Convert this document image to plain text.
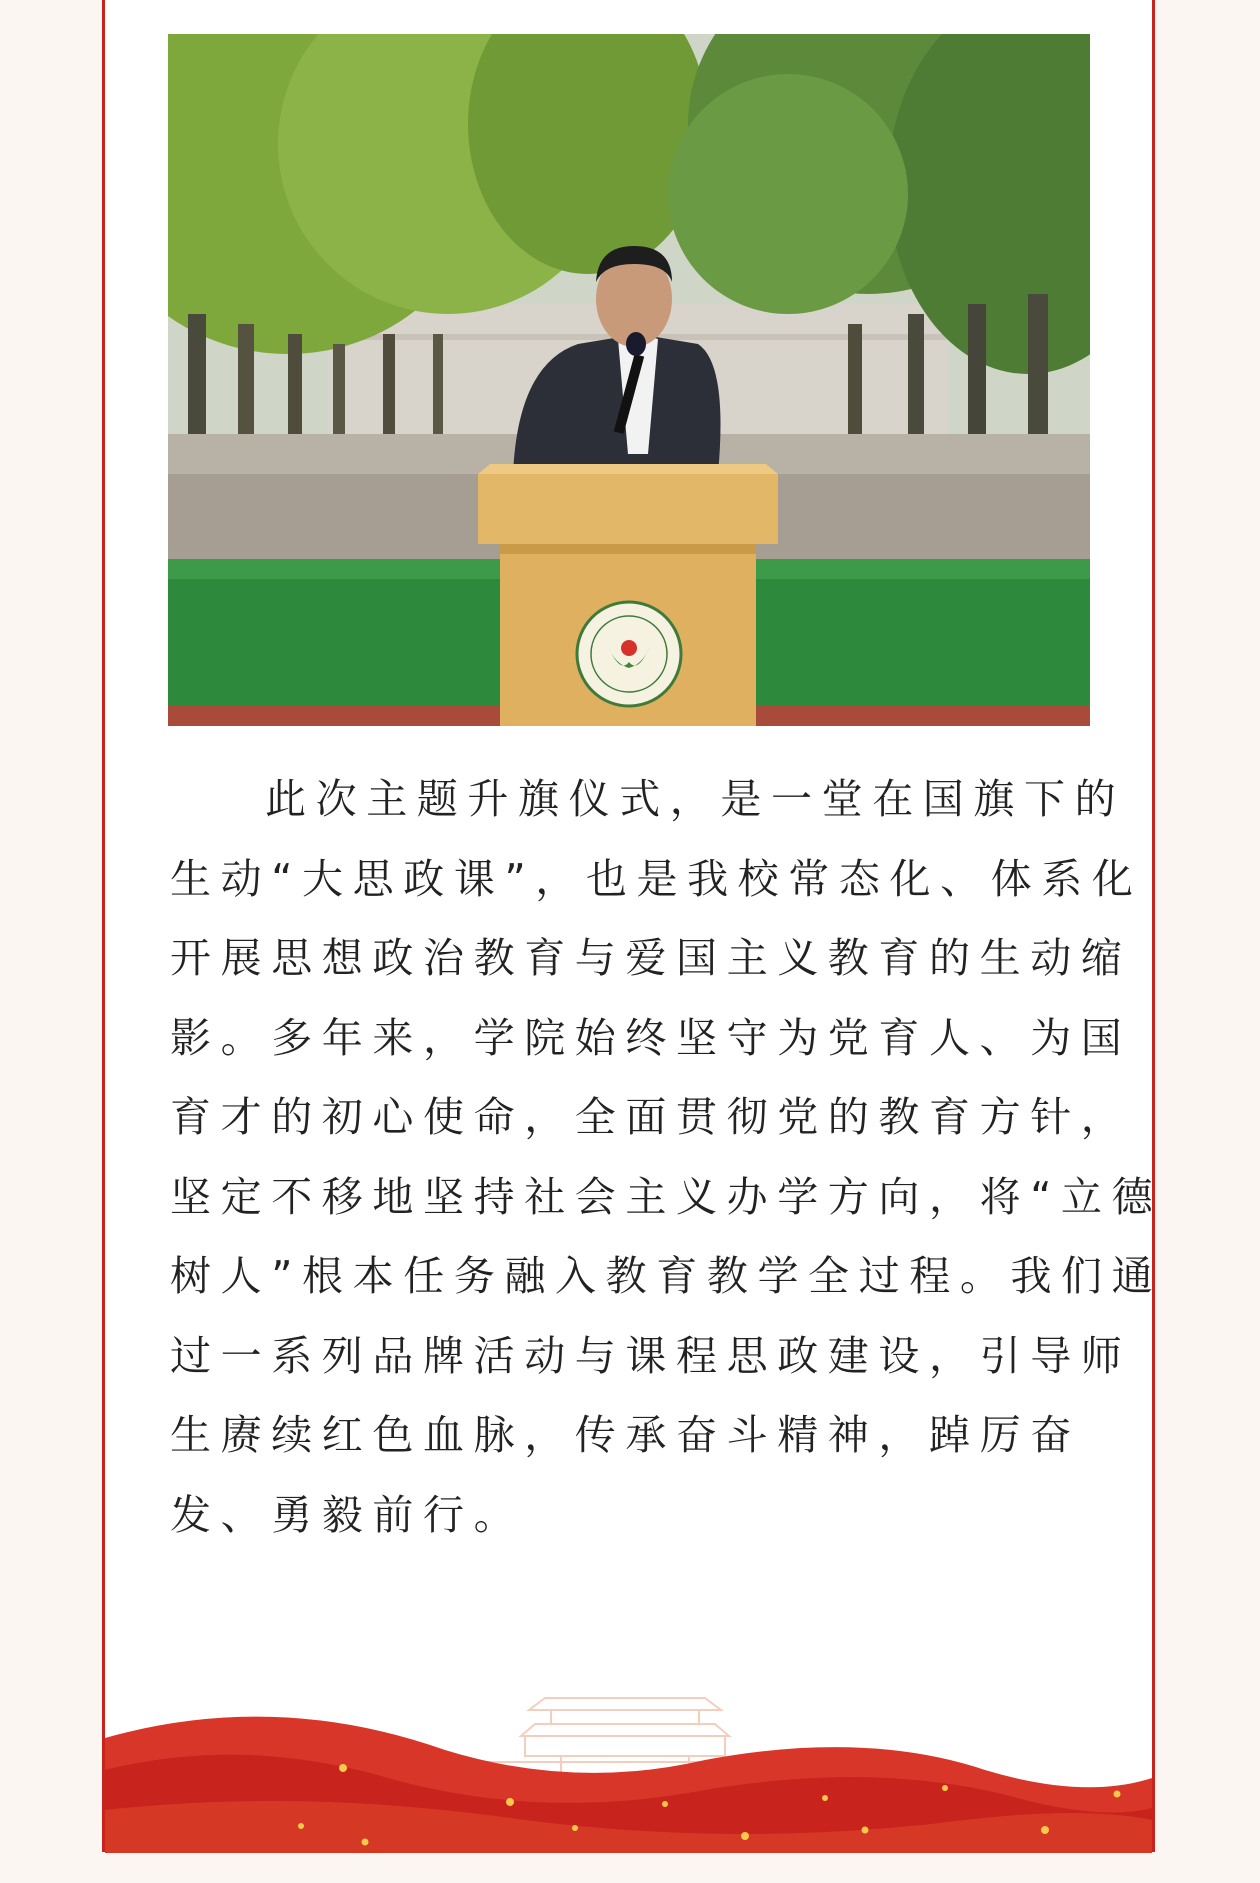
此次主题升旗仪式，是一堂在国旗下的
生动“大思政课”，也是我校常态化、体系化
开展思想政治教育与爱国主义教育的生动缩
影。多年来，学院始终坚守为党育人、为国
育才的初心使命，全面贯彻党的教育方针，
坚定不移地坚持社会主义办学方向，将“立德
树人”根本任务融入教育教学全过程。我们通
过一系列品牌活动与课程思政建设，引导师
生赓续红色血脉，传承奋斗精神，踔厉奋
发、勇毅前行。
